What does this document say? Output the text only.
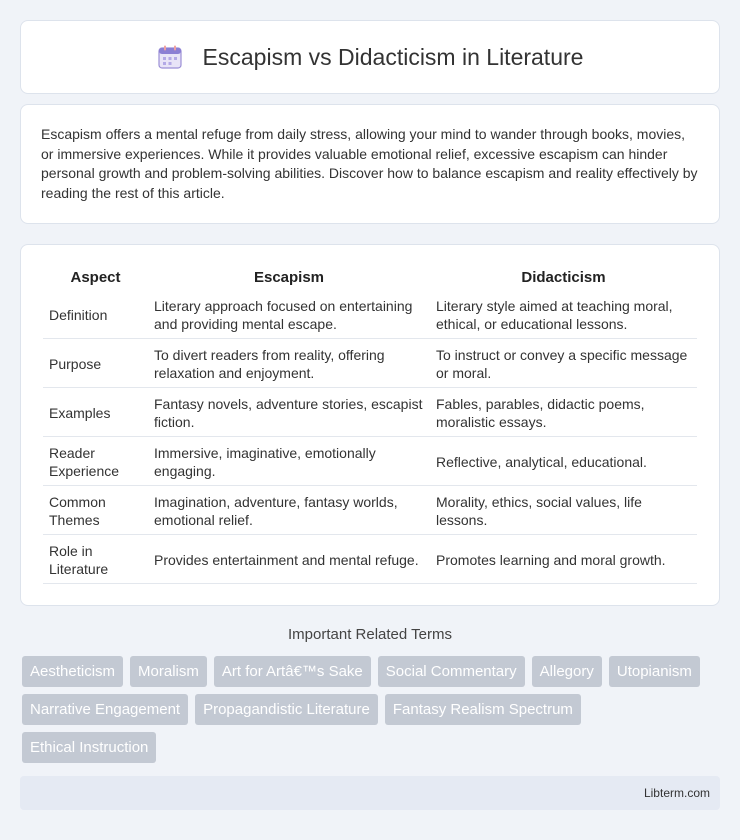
Escapism vs Didacticism in Literature

Escapism offers a mental refuge from daily stress, allowing your mind to wander through books, movies, or immersive experiences. While it provides valuable emotional relief, excessive escapism can hinder personal growth and problem-solving abilities. Discover how to balance escapism and reality effectively by reading the rest of this article.

Aspect	Escapism	Didacticism
Definition	Literary approach focused on entertaining and providing mental escape.	Literary style aimed at teaching moral, ethical, or educational lessons.
Purpose	To divert readers from reality, offering relaxation and enjoyment.	To instruct or convey a specific message or moral.
Examples	Fantasy novels, adventure stories, escapist fiction.	Fables, parables, didactic poems, moralistic essays.
Reader Experience	Immersive, imaginative, emotionally engaging.	Reflective, analytical, educational.
Common Themes	Imagination, adventure, fantasy worlds, emotional relief.	Morality, ethics, social values, life lessons.
Role in Literature	Provides entertainment and mental refuge.	Promotes learning and moral growth.
Important Related Terms
Aestheticism	Moralism	Art for Artâ€™s Sake	Social Commentary	Allegory	Utopianism
Narrative Engagement	Propagandistic Literature	Fantasy Realism Spectrum
Ethical Instruction
Libterm.com
